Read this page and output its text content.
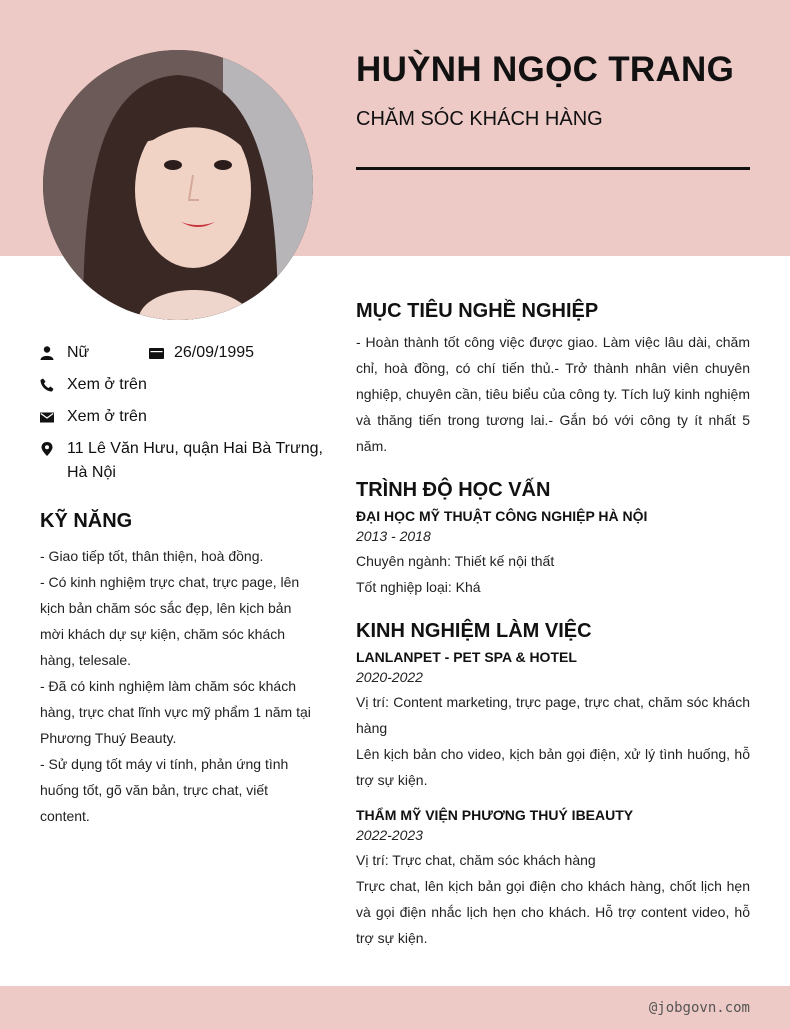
HUỲNH NGỌC TRANG
CHĂM SÓC KHÁCH HÀNG
Nữ	26/09/1995
Xem ở trên
Xem ở trên
11 Lê Văn Hưu, quận Hai Bà Trưng, Hà Nội
KỸ NĂNG
- Giao tiếp tốt, thân thiện, hoà đồng.
- Có kinh nghiệm trực chat, trực page, lên kịch bản chăm sóc sắc đẹp, lên kịch bản mời khách dự sự kiện, chăm sóc khách hàng, telesale.
- Đã có kinh nghiệm làm chăm sóc khách hàng, trực chat lĩnh vực mỹ phẩm 1 năm tại Phương Thuý Beauty.
- Sử dụng tốt máy vi tính, phản ứng tình huống tốt, gõ văn bản, trực chat, viết content.
MỤC TIÊU NGHỀ NGHIỆP
- Hoàn thành tốt công việc được giao. Làm việc lâu dài, chăm chỉ, hoà đồng, có chí tiến thủ.- Trở thành nhân viên chuyên nghiệp, chuyên cần, tiêu biểu của công ty. Tích luỹ kinh nghiệm và thăng tiến trong tương lai.- Gắn bó với công ty ít nhất 5 năm.
TRÌNH ĐỘ HỌC VẤN
ĐẠI HỌC MỸ THUẬT CÔNG NGHIỆP HÀ NỘI
2013 - 2018
Chuyên ngành: Thiết kế nội thất
Tốt nghiệp loại: Khá
KINH NGHIỆM LÀM VIỆC
LANLANPET - PET SPA & HOTEL
2020-2022
Vị trí: Content marketing, trực page, trực chat, chăm sóc khách hàng
Lên kịch bản cho video, kịch bản gọi điện, xử lý tình huống, hỗ trợ sự kiện.
THẨM MỸ VIỆN PHƯƠNG THUÝ IBEAUTY
2022-2023
Vị trí: Trực chat, chăm sóc khách hàng
Trực chat, lên kịch bản gọi điện cho khách hàng, chốt lịch hẹn và gọi điện nhắc lịch hẹn cho khách. Hỗ trợ content video, hỗ trợ sự kiện.
@jobgovn.com
